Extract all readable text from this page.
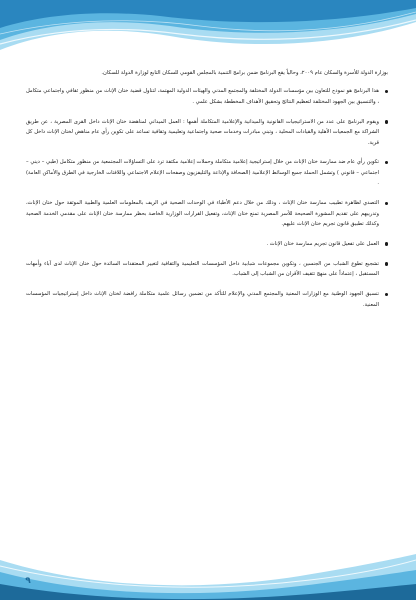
بوزارة الدولة للأسرة والسكان عام ٢٠٠٩، وحالياً يقع البرنامج ضمن برامج التنمية بالمجلس القومي للسكان التابع لوزارة الدولة للسكان.

هذا البرنامج هو نموذج للتعاون بين مؤسسات الدولة المختلفة والمجتمع المدني والهيئات الدولية المهتمة، لتناول قضية ختان الإناث من منظور ثقافي واجتماعي متكامل ، والتنسيق بين الجهود المختلفة لتعظيم النتائج وتحقيق الأهداف المخططة بشكل علمي .
ويقوم البرنامج على عدد من الاستراتيجيات القانونية والميدانية والإعلامية المتكاملة أهمها : العمل الميداني لمناهضة ختان الإناث داخل القرى المصرية ، عن طريق الشراكة مع الجمعيات الأهلية والقيادات المحلية ، وتبني مبادرات وخدمات صحية واجتماعية وتعليمية وثقافية تساعد على تكوين رأي عام مناهض لختان الإناث داخل كل قرية.
تكوين رأي عام ضد ممارسة ختان الإناث من خلال إستراتيجية إعلامية متكاملة وحملات إعلامية مكثفة ترد على التساؤلات المجتمعية من منظور متكامل (طبي – ديني – اجتماعي – قانوني ) وتشمل الحملة جميع الوسائط الإعلامية (الصحافة والإذاعة والتليفزيون وصفحات الإعلام الاجتماعي واللافتات الخارجية في الطرق والأماكن العامة) .
التصدي لظاهرة تطبيب ممارسة ختان الإناث ، وذلك من خلال دعم الأطباء في الوحدات الصحية في الريف بالمعلومات العلمية والطبية الموثقة حول ختان الإناث، وتدريبهم على تقديم المشورة الصحيحة للأسر المصرية تمنع ختان الإناث، وتفعيل القرارات الوزارية الخاصة بحظر ممارسة ختان الإناث على مقدمي الخدمة الصحية وكذلك تطبيق قانون تجريم ختان الإناث عليهم.
العمل على تفعيل قانون تجريم ممارسة ختان الإناث .
تشجيع تطوع الشباب من الجنسين ، وتكوين مجموعات شبابية داخل المؤسسات التعليمية والثقافية لتغيير المعتقدات السائدة حول ختان الإناث لدى آباء وأمهات المستقبل ، إعتماداً على منهج تثقيف الأقران من الشباب إلى الشباب.
تنسيق الجهود الوطنية مع الوزارات المعنية والمجتمع المدني والإعلام للتأكد من تضمين رسائل علمية متكاملة رافضة لختان الإناث داخل إستراتيجيات المؤسسات المعنية.
٩
